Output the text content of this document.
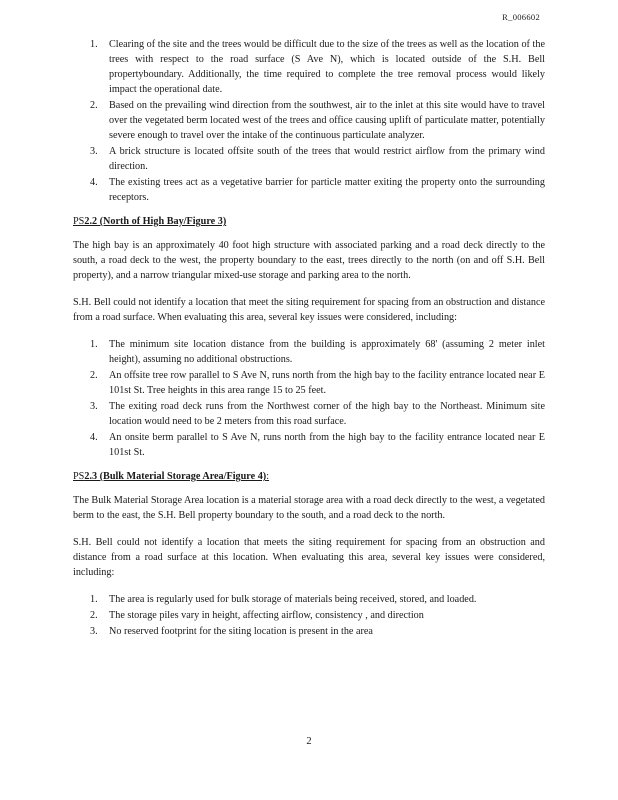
R_006602
1. Clearing of the site and the trees would be difficult due to the size of the trees as well as the location of the trees with respect to the road surface (S Ave N), which is located outside of the S.H. Bell propertyboundary. Additionally, the time required to complete the tree removal process would likely impact the operational date.
2. Based on the prevailing wind direction from the southwest, air to the inlet at this site would have to travel over the vegetated berm located west of the trees and office causing uplift of particulate matter, potentially severe enough to travel over the intake of the continuous particulate analyzer.
3. A brick structure is located offsite south of the trees that would restrict airflow from the primary wind direction.
4. The existing trees act as a vegetative barrier for particle matter exiting the property onto the surrounding receptors.
PS2.2 (North of High Bay/Figure 3)

The high bay is an approximately 40 foot high structure with associated parking and a road deck directly to the south, a road deck to the west, the property boundary to the east, trees directly to the north (on and off S.H. Bell property), and a narrow triangular mixed-use storage and parking area to the north.

S.H. Bell could not identify a location that meet the siting requirement for spacing from an obstruction and distance from a road surface. When evaluating this area, several key issues were considered, including:

1. The minimum site location distance from the building is approximately 68' (assuming 2 meter inlet height), assuming no additional obstructions.
2. An offsite tree row parallel to S Ave N, runs north from the high bay to the facility entrance located near E 101st St. Tree heights in this area range 15 to 25 feet.
3. The exiting road deck runs from the Northwest corner of the high bay to the Northeast. Minimum site location would need to be 2 meters from this road surface.
4. An onsite berm parallel to S Ave N, runs north from the high bay to the facility entrance located near E 101st St.
PS2.3 (Bulk Material Storage Area/Figure 4):

The Bulk Material Storage Area location is a material storage area with a road deck directly to the west, a vegetated berm to the east, the S.H. Bell property boundary to the south, and a road deck to the north.

S.H. Bell could not identify a location that meets the siting requirement for spacing from an obstruction and distance from a road surface at this location. When evaluating this area, several key issues were considered, including:

1. The area is regularly used for bulk storage of materials being received, stored, and loaded.
2. The storage piles vary in height, affecting airflow, consistency , and direction
3. No reserved footprint for the siting location is present in the area
2
